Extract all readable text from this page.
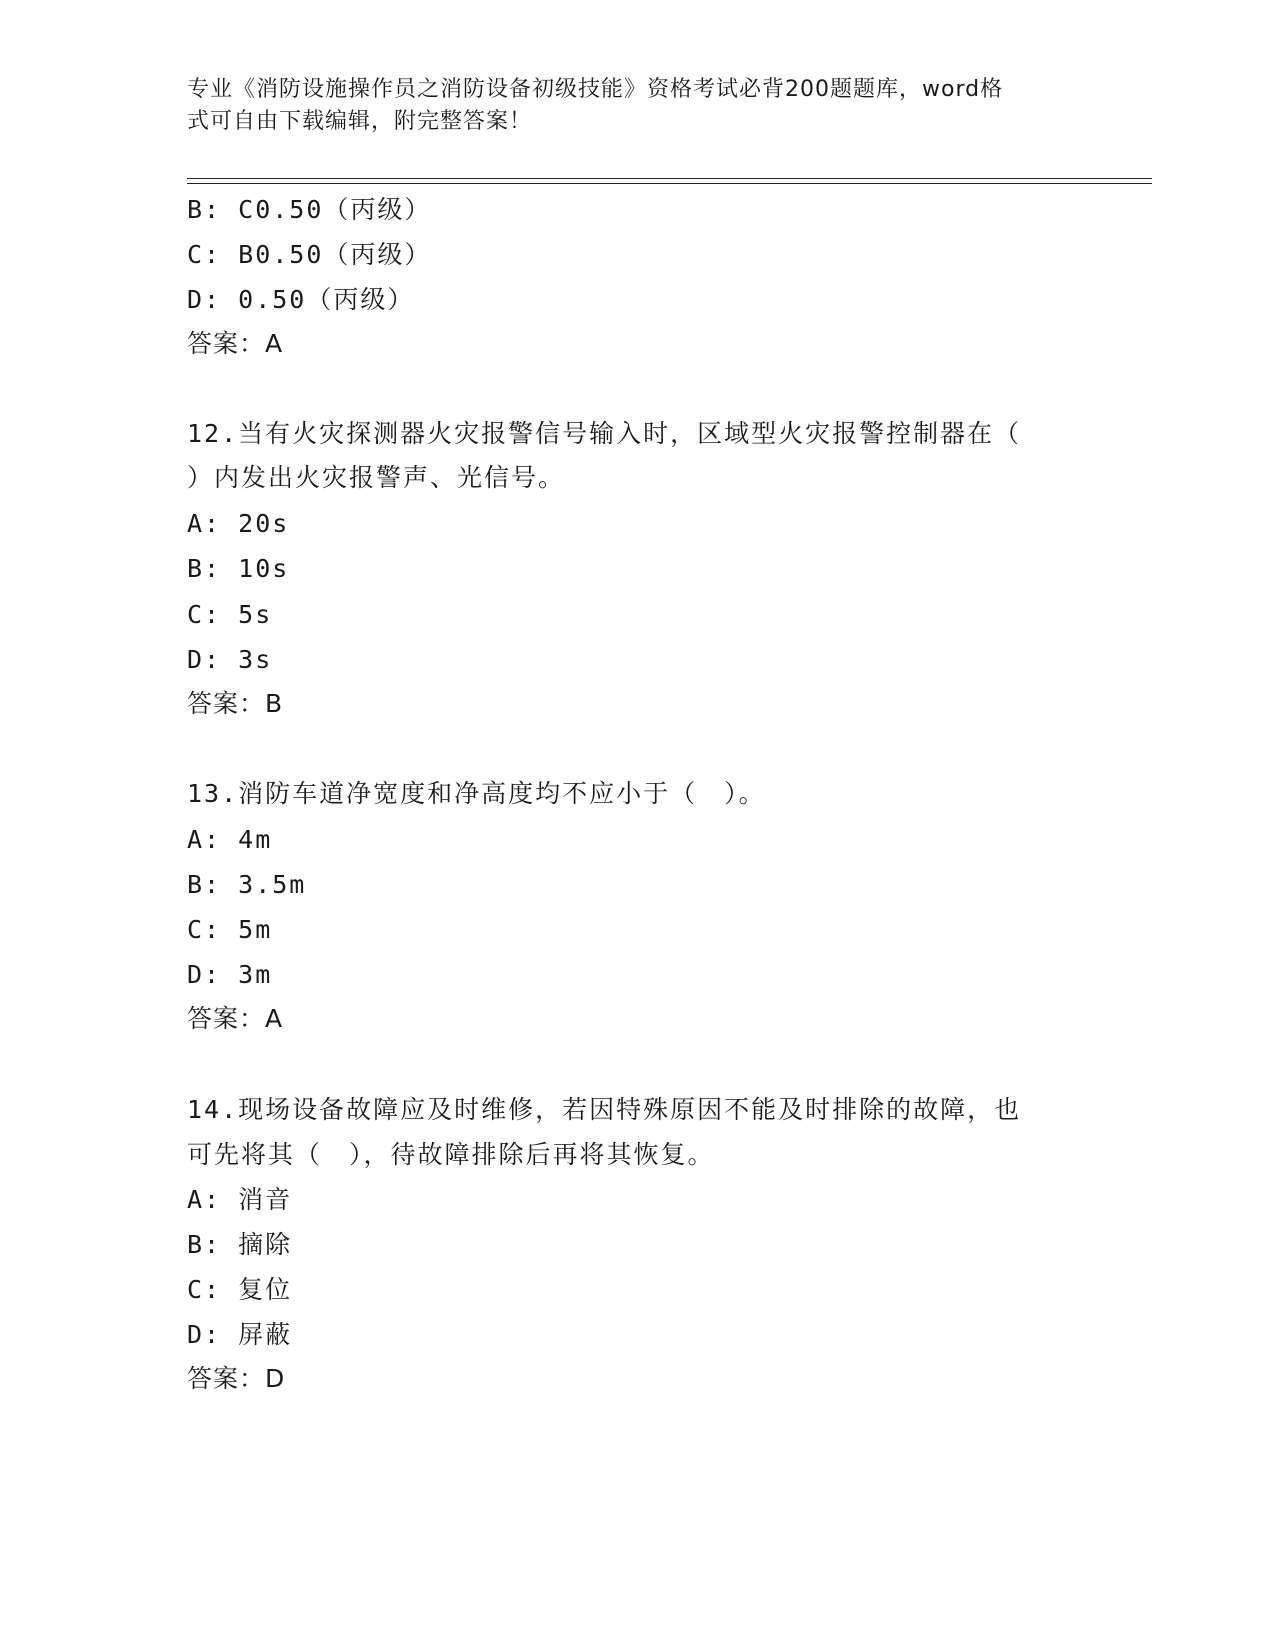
专业《消防设施操作员之消防设备初级技能》资格考试必背200题题库，word格
式可自由下载编辑，附完整答案！
B: C0.50（丙级）
C: B0.50（丙级）
D: 0.50（丙级）
答案：A
12.当有火灾探测器火灾报警信号输入时，区域型火灾报警控制器在（
）内发出火灾报警声、光信号。
A: 20s
B: 10s
C: 5s
D: 3s
答案：B
13.消防车道净宽度和净高度均不应小于（　）。
A: 4m
B: 3.5m
C: 5m
D: 3m
答案：A
14.现场设备故障应及时维修，若因特殊原因不能及时排除的故障，也
可先将其（　），待故障排除后再将其恢复。
A: 消音
B: 摘除
C: 复位
D: 屏蔽
答案：D
